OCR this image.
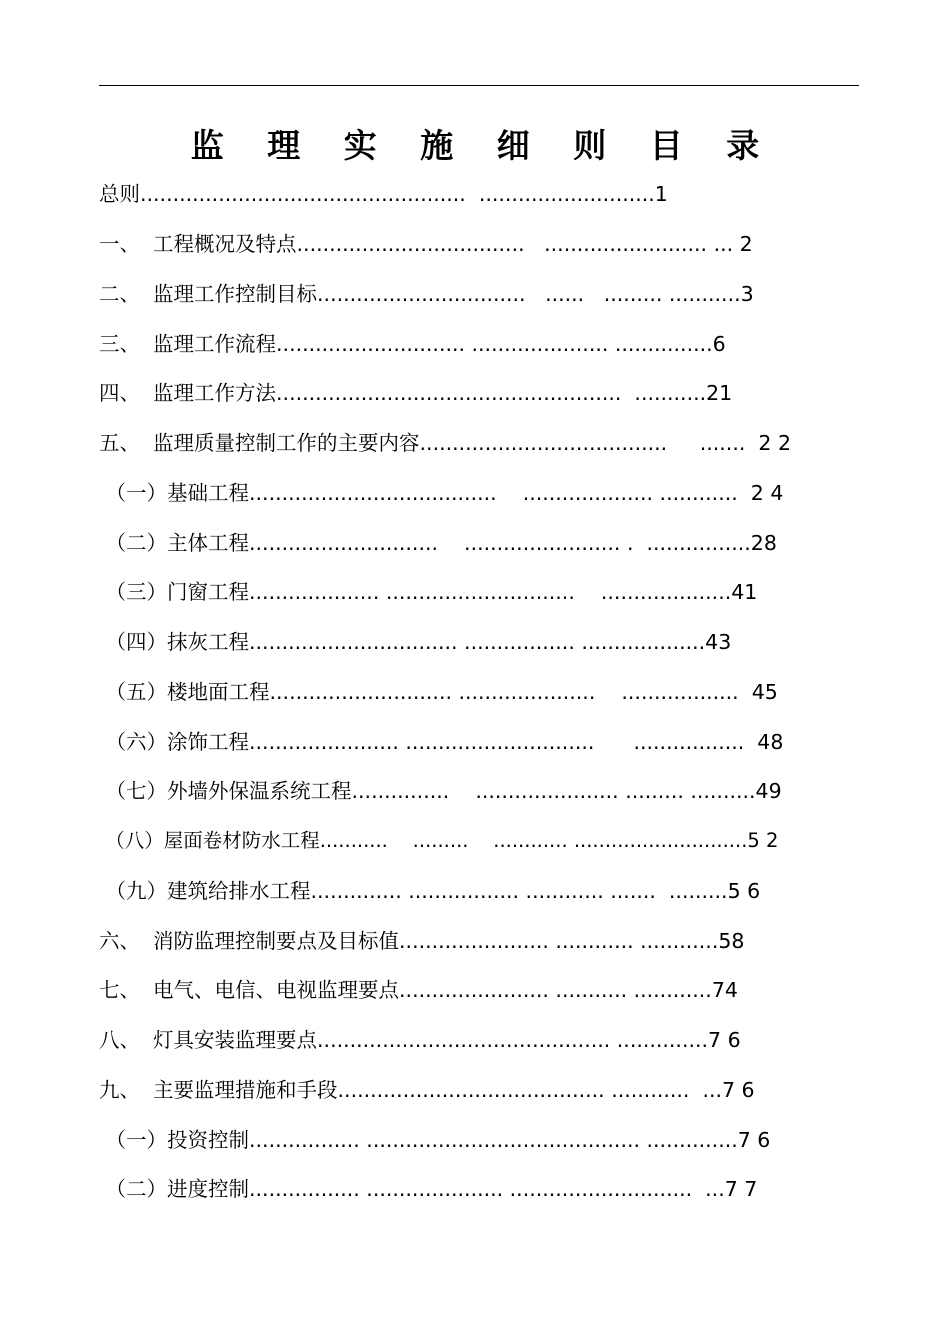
监 理 实 施 细 则 目 录
总则..................................................  ...........................1
一、  工程概况及特点...................................   ......................... ... 2
二、  监理工作控制目标................................   ......   ......... ...........3
三、  监理工作流程............................. ..................... ...............6
四、  监理工作方法.....................................................  ...........21
五、  监理质量控制工作的主要内容......................................     .......  2 2
（一）基础工程......................................    .................... ............  2 4
（二）主体工程.............................    ........................ .  ................28
（三）门窗工程.................... .............................    ....................41
（四）抹灰工程................................ ................. ...................43
（五）楼地面工程............................ .....................    ..................  45
（六）涂饰工程....................... .............................      .................  48
（七）外墙外保温系统工程...............    ...................... ......... ..........49
（八）屋面卷材防水工程...........    .........    ............ ............................5 2
（九）建筑给排水工程.............. ................. ............ .......  .........5 6
六、  消防监理控制要点及目标值....................... ............ ............58
七、  电气、电信、电视监理要点....................... ........... ............74
八、  灯具安装监理要点............................................. ..............7 6
九、  主要监理措施和手段......................................... ............  ...7 6
（一）投资控制................. .......................................... ..............7 6
（二）进度控制................. ..................... ............................  ...7 7
